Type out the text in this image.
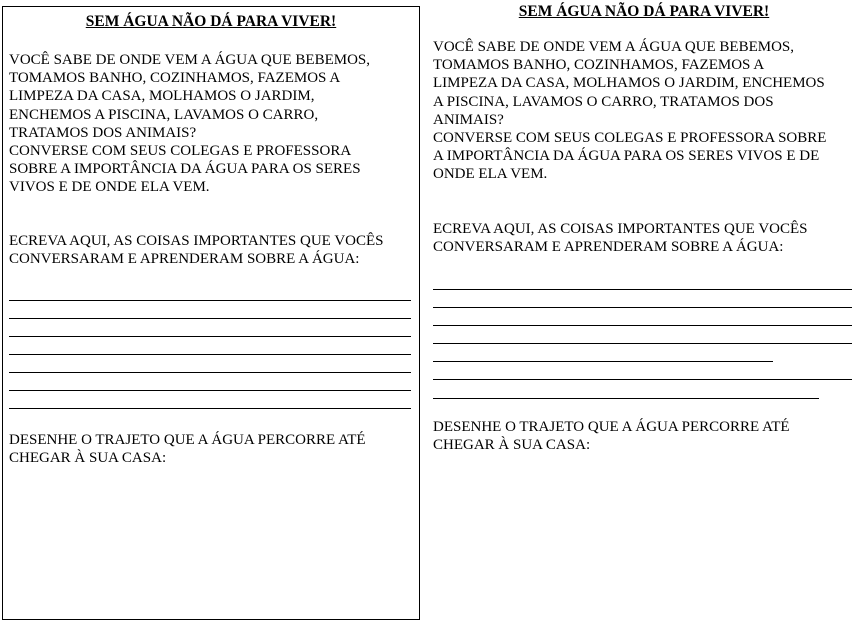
SEM ÁGUA NÃO DÁ PARA VIVER!

VOCÊ SABE DE ONDE VEM A ÁGUA QUE BEBEMOS,
TOMAMOS BANHO, COZINHAMOS, FAZEMOS A
LIMPEZA DA CASA, MOLHAMOS O JARDIM,
ENCHEMOS A PISCINA, LAVAMOS O CARRO,
TRATAMOS DOS ANIMAIS?
CONVERSE COM SEUS COLEGAS E PROFESSORA
SOBRE A IMPORTÂNCIA DA ÁGUA PARA OS SERES
VIVOS E DE ONDE ELA VEM.

ECREVA AQUI, AS COISAS IMPORTANTES QUE VOCÊS
CONVERSARAM E APRENDERAM SOBRE A ÁGUA:

DESENHE O TRAJETO QUE A ÁGUA PERCORRE ATÉ
CHEGAR À SUA CASA:

SEM ÁGUA NÃO DÁ PARA VIVER!

VOCÊ SABE DE ONDE VEM A ÁGUA QUE BEBEMOS,
TOMAMOS BANHO, COZINHAMOS, FAZEMOS A
LIMPEZA DA CASA, MOLHAMOS O JARDIM, ENCHEMOS
A PISCINA, LAVAMOS O CARRO, TRATAMOS DOS
ANIMAIS?
CONVERSE COM SEUS COLEGAS E PROFESSORA SOBRE
A IMPORTÂNCIA DA ÁGUA PARA OS SERES VIVOS E DE
ONDE ELA VEM.

ECREVA AQUI, AS COISAS IMPORTANTES QUE VOCÊS
CONVERSARAM E APRENDERAM SOBRE A ÁGUA:

DESENHE O TRAJETO QUE A ÁGUA PERCORRE ATÉ
CHEGAR À SUA CASA:
